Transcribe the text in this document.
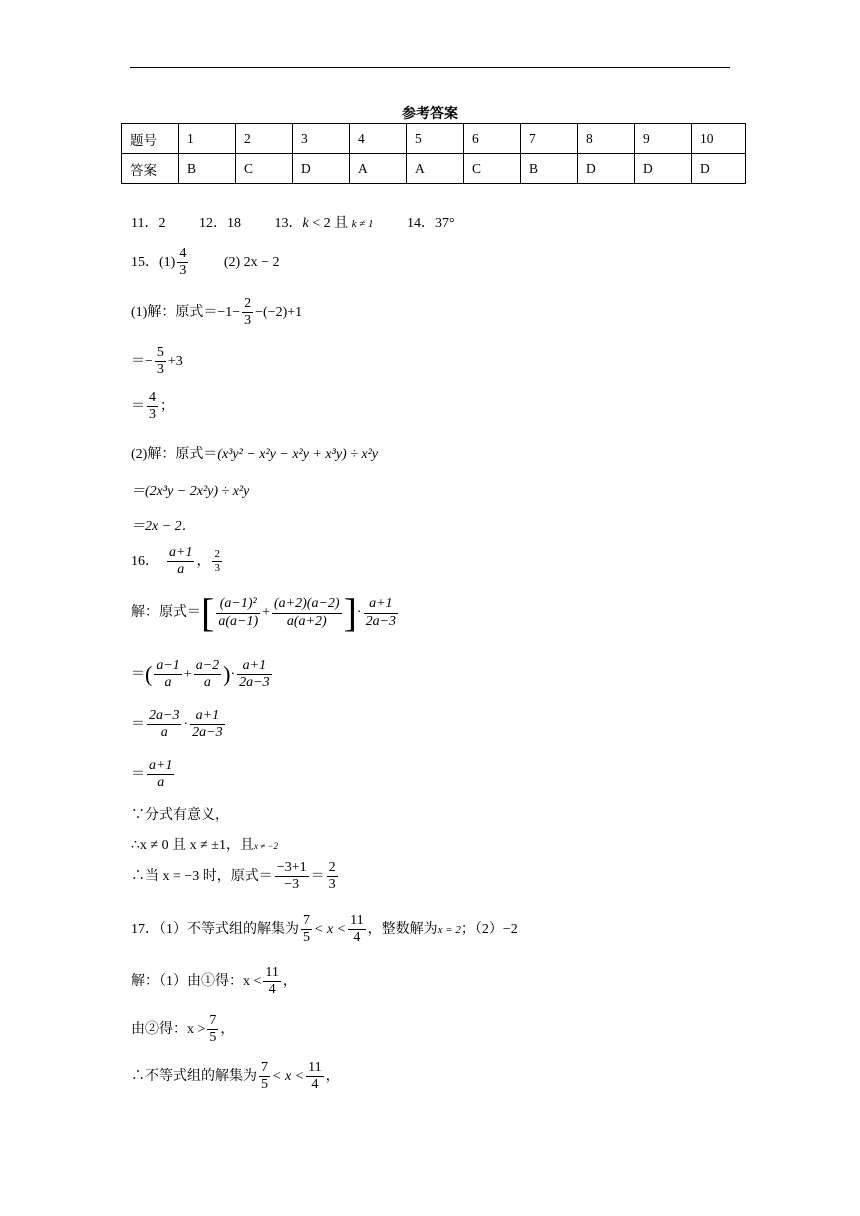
参考答案
题号	1	2	3	4	5	6	7	8	9	10
答案	B	C	D	A	A	C	B	D	D	D
11．2 12．18 13．k < 2 且 k ≠ 1 14．37°
15．$(1) \frac{4}{3}$	(2) 2x − 2
(1)解：原式$=-1- \frac{2}{3} -(-2)+1$
＝− $\frac{5}{3} +3$
＝ $\frac{4}{3}$ ；
(2)解：原式＝(x³y² − x²y − x²y + x³y) ÷ x²y
＝(2x³y − 2x²y) ÷ x²y
＝2x − 2．
16． $\frac{a+1}{a}$ ， $\frac{2}{3}$
解：原式＝[ $\frac{\text{(a−1)²}}{a(a-1)} + \frac{(a+2)(a-2)}{a(a+2)}$ ]· $\frac{a+1}{2a-3}$
＝( $\frac{a-1}{a} + \frac{a-2}{a}$ )· $\frac{a+1}{2a-3}$
＝ $\frac{2a-3}{a} \cdot \frac{a+1}{2a-3}$
＝ $\frac{a+1}{a}$
∵分式有意义，
∴x ≠ 0 且 x ≠ ±1，且x ≠ −2
∴当 x = −3 时，原式＝ $\frac{-3+1}{-3} = \frac{2}{3}$
17．（1）不等式组的解集为 $\frac{7}{5} < x < \frac{11}{4}$ ，整数解为x = 2；（2）−2
解：（1）由①得：$x < \frac{11}{4}$ ，
由②得：$x > \frac{7}{5}$ ，
∴不等式组的解集为 $\frac{7}{5} < x < \frac{11}{4}$ ，
